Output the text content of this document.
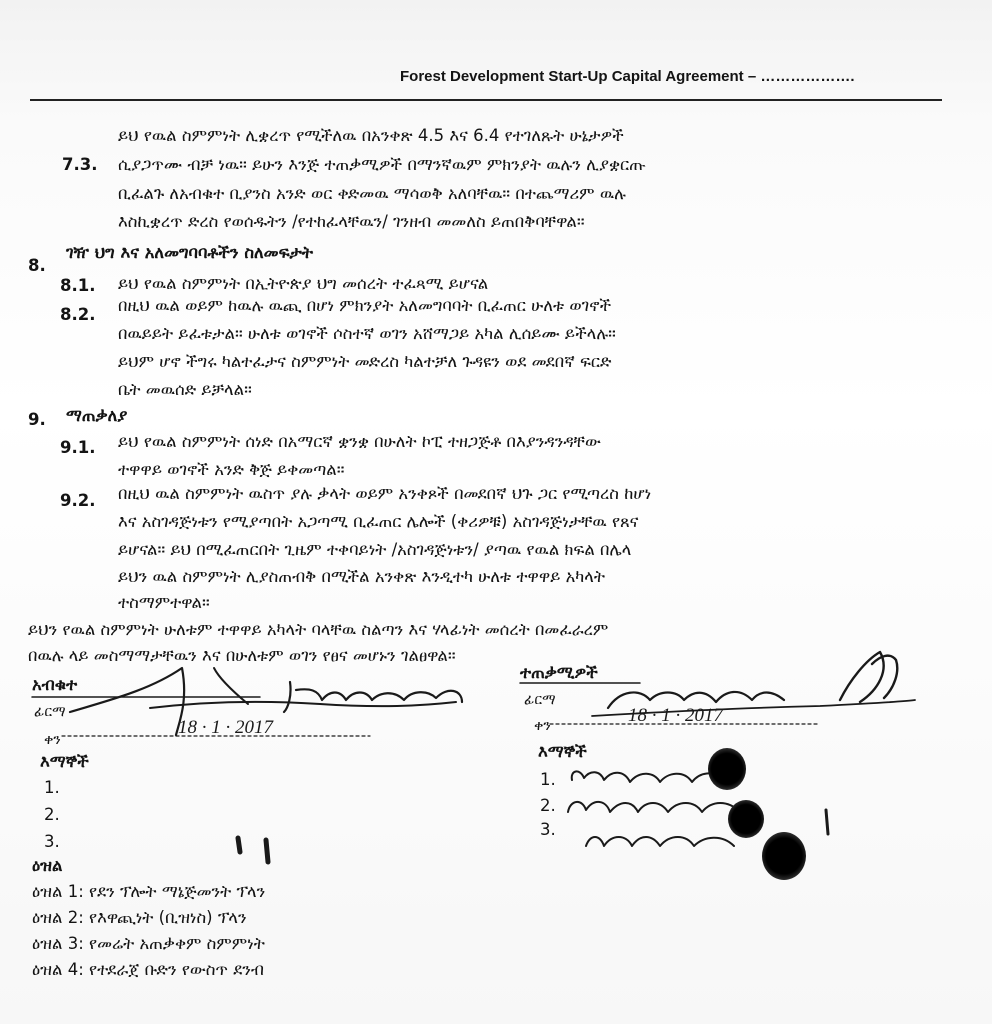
Forest Development Start-Up Capital Agreement – ……………….
7.3.
ይህ የዉል ስምምነት ሊቋረጥ የሚችለዉ በአንቀጽ 4.5 እና 6.4 የተገለጹት ሁኔታዎች
ሲያጋጥሙ ብቻ ነዉ። ይሁን እንጅ ተጠቃሚዎች በማንኛዉም ምክንያት ዉሉን ሊያቋርጡ
ቢፈልጉ ለአብቁተ ቢያንስ አንድ ወር ቀድመዉ ማሳወቅ አለባቸዉ። በተጨማሪም ዉሉ
እስኪቋረጥ ድረስ የወሰዱትን /የተከፈላቸዉን/ ገንዘብ መመለስ ይጠበቅባቸዋል።
8.
ገዥ ህግ እና አለመግባባቶችን ስለመፍታት
8.1. ይህ የዉል ስምምነት በኢትዮጵያ ህግ መሰረት ተፈጻሚ ይሆናል
8.2. በዚህ ዉል ወይም ከዉሉ ዉጪ በሆነ ምክንያት አለመግባባት ቢፈጠር ሁለቱ ወገኖች
በዉይይት ይፈቱታል። ሁለቱ ወገኖች ሶስተኛ ወገን አሸማጋይ አካል ሊሰይሙ ይችላሉ።
ይህም ሆኖ ችግሩ ካልተፈታና ስምምነት መድረስ ካልተቻለ ጉዳዩን ወደ መደበኛ ፍርድ
ቤት መዉሰድ ይቻላል።
9. ማጠቃለያ
9.1. ይህ የዉል ስምምነት ሰነድ በአማርኛ ቋንቋ በሁለት ኮፒ ተዘጋጅቶ በእያንዳንዳቸው
ተዋዋይ ወገኖች አንድ ቅጅ ይቀመጣል።
9.2. በዚህ ዉል ስምምነት ዉስጥ ያሉ ቃላት ወይም አንቀጾች በመደበኛ ህጉ ጋር የሚጣረስ ከሆነ
እና አስገዳጅነቱን የሚያጣበት አጋጣሚ ቢፈጠር ሌሎች (ቀሪዎቹ) አስገዳጅነታቸዉ የጸና
ይሆናል። ይህ በሚፈጠርበት ጊዜም ተቀባይነት /አስገዳጅነቱን/ ያጣዉ የዉል ክፍል በሌላ
ይህን ዉል ስምምነት ሊያስጠብቅ በሚችል አንቀጽ እንዲተካ ሁለቱ ተዋዋይ አካላት
ተስማምተዋል።
ይህን የዉል ስምምነት ሁለቱም ተዋዋይ አካላት ባላቸዉ ስልጣን እና ሃላፊነት መሰረት በመፈራረም
በዉሉ ላይ መስማማታቸዉን እና በሁለቱም ወገን የፀና መሆኑን ገልፀዋል።
አብቁተ
ፊርማ
ቀን
18 · 1 · 2017
እማኞች
1.
2.
3.
ተጠቃሚዎች
ፊርማ
ቀን	18 · 1 · 2017
እማኞች
1.
2.
3.
ዕዝል
ዕዝል 1: የደን ፕሎት ማኔጅመንት ፕላን
ዕዝል 2: የእዋጪነት (ቢዝነስ) ፕላን
ዕዝል 3: የመሬት አጠቃቀም ስምምነት
ዕዝል 4: የተደራጀ ቡድን የውስጥ ደንብ
